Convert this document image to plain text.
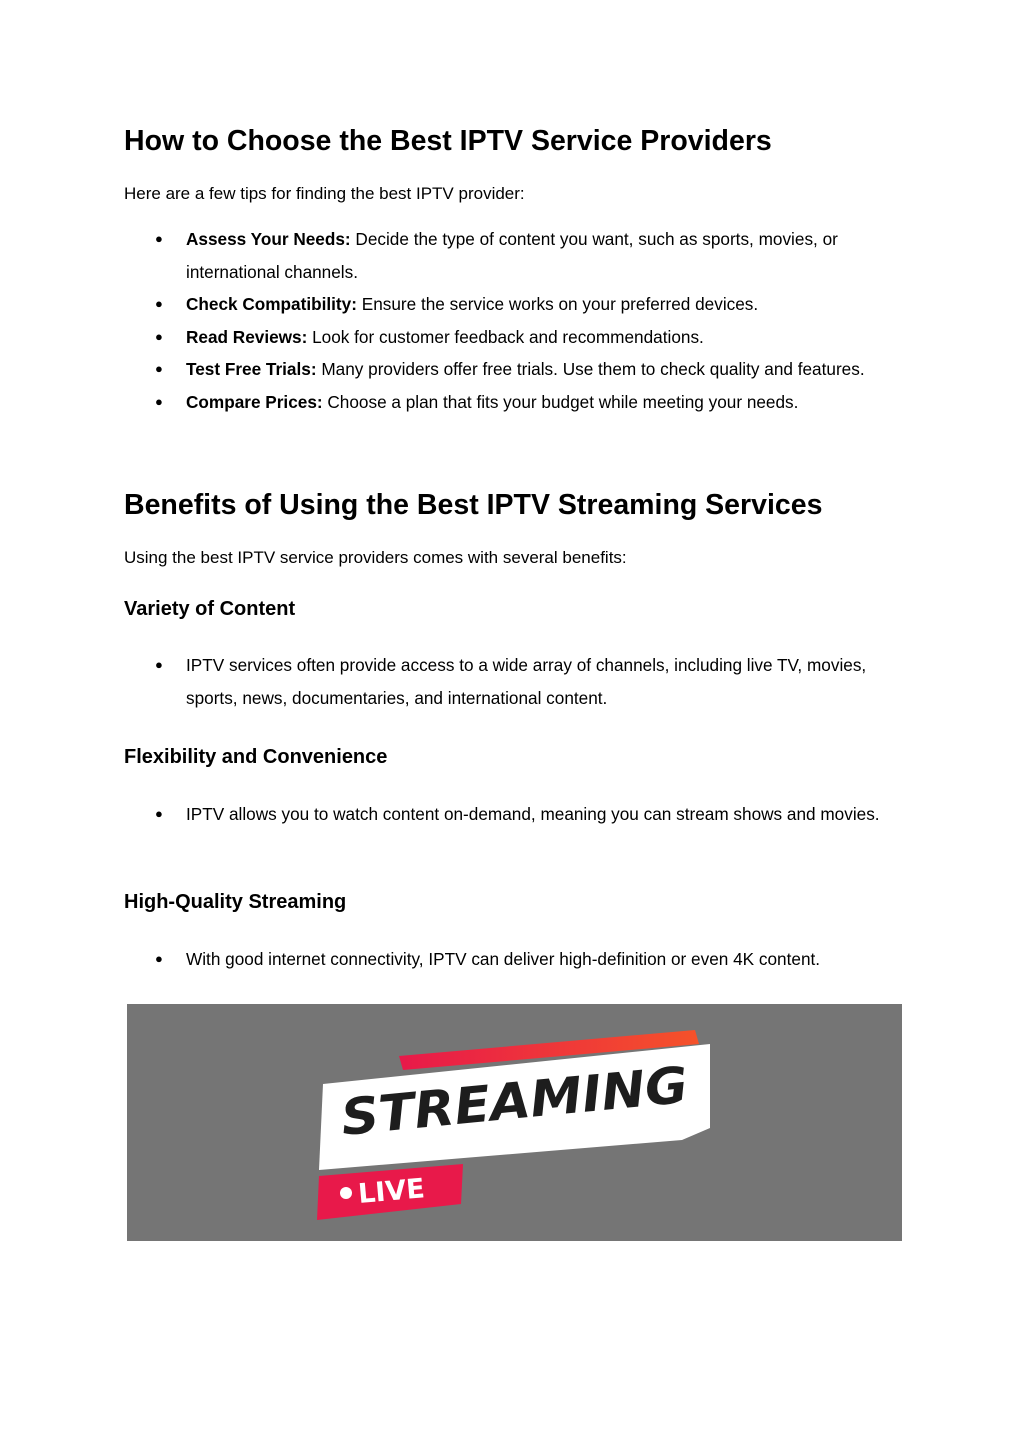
How to Choose the Best IPTV Service Providers

Here are a few tips for finding the best IPTV provider:

● Assess Your Needs: Decide the type of content you want, such as sports, movies, or international channels.
● Check Compatibility: Ensure the service works on your preferred devices.
● Read Reviews: Look for customer feedback and recommendations.
● Test Free Trials: Many providers offer free trials. Use them to check quality and features.
● Compare Prices: Choose a plan that fits your budget while meeting your needs.
Benefits of Using the Best IPTV Streaming Services

Using the best IPTV service providers comes with several benefits:

Variety of Content
● IPTV services often provide access to a wide array of channels, including live TV, movies, sports, news, documentaries, and international content.
Flexibility and Convenience
● IPTV allows you to watch content on-demand, meaning you can stream shows and movies.
High-Quality Streaming
● With good internet connectivity, IPTV can deliver high-definition or even 4K content.
STREAMING
LIVE
